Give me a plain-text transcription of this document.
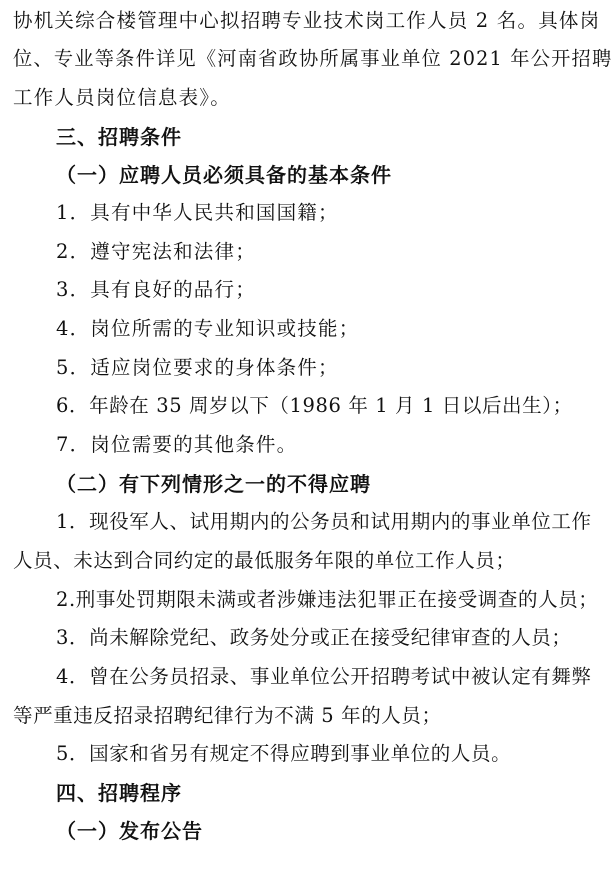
协机关综合楼管理中心拟招聘专业技术岗工作人员 2 名。具体岗
位、专业等条件详见《河南省政协所属事业单位 2021 年公开招聘
工作人员岗位信息表》。
三、招聘条件
（一）应聘人员必须具备的基本条件
1．具有中华人民共和国国籍；
2．遵守宪法和法律；
3．具有良好的品行；
4．岗位所需的专业知识或技能；
5．适应岗位要求的身体条件；
6．年龄在 35 周岁以下（1986 年 1 月 1 日以后出生）；
7．岗位需要的其他条件。
（二）有下列情形之一的不得应聘
1．现役军人、试用期内的公务员和试用期内的事业单位工作
人员、未达到合同约定的最低服务年限的单位工作人员；
2.刑事处罚期限未满或者涉嫌违法犯罪正在接受调查的人员；
3．尚未解除党纪、政务处分或正在接受纪律审查的人员；
4．曾在公务员招录、事业单位公开招聘考试中被认定有舞弊
等严重违反招录招聘纪律行为不满 5 年的人员；
5．国家和省另有规定不得应聘到事业单位的人员。
四、招聘程序
（一）发布公告
